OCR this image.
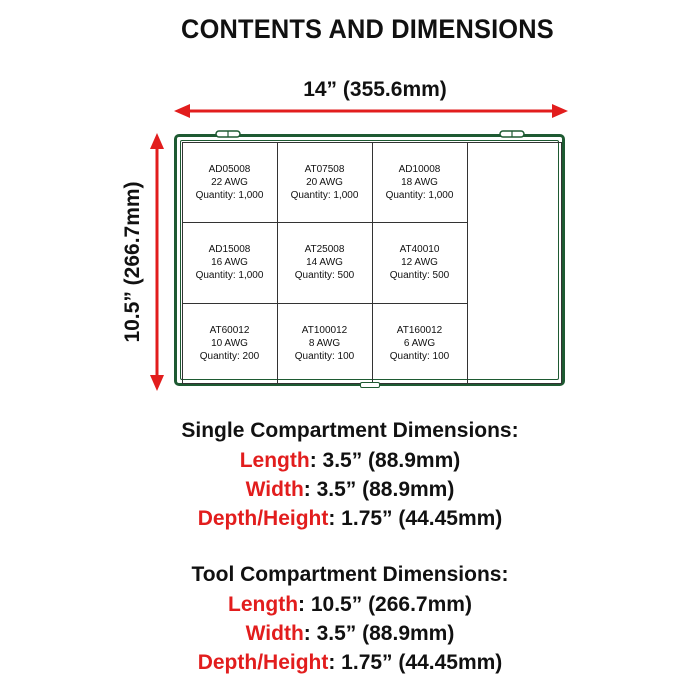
CONTENTS AND DIMENSIONS
14” (355.6mm)
10.5” (266.7mm)
AD05008
22 AWG
Quantity: 1,000
AT07508
20 AWG
Quantity: 1,000
AD10008
18 AWG
Quantity: 1,000
AD15008
16 AWG
Quantity: 1,000
AT25008
14 AWG
Quantity: 500
AT40010
12 AWG
Quantity: 500
AT60012
10 AWG
Quantity: 200
AT100012
8 AWG
Quantity: 100
AT160012
6 AWG
Quantity: 100
Single Compartment Dimensions:
Length: 3.5” (88.9mm)
Width: 3.5” (88.9mm)
Depth/Height: 1.75” (44.45mm)
Tool Compartment Dimensions:
Length: 10.5” (266.7mm)
Width: 3.5” (88.9mm)
Depth/Height: 1.75” (44.45mm)
